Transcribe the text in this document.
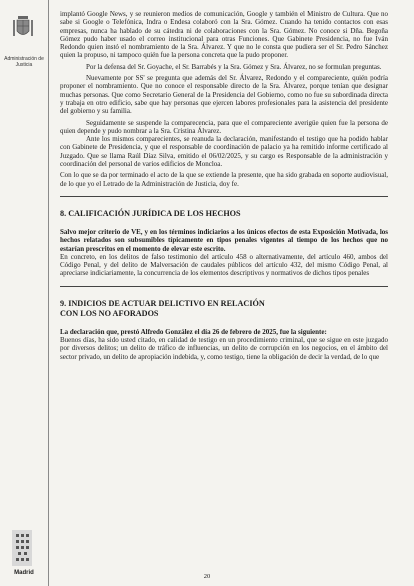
Administración de Justicia
Madrid

implantó Google News, y se reunieron medios de comunicación, Google y también el Ministro de Cultura. Que no sabe si Google o Telefónica, Indra o Endesa colaboró con la Sra. Gómez. Cuando ha tenido contactos con esas empresas, nunca ha hablado de su cátedra ni de colaboraciones con la Sra. Gómez. No conoce si Dña. Begoña Gómez pudo haber usado el correo institucional para otras Funciones. Que Gabinete Presidencia, no fue Iván Redondo quien instó el nombramiento de la Sra. Álvarez. Y que no le consta que pudiera ser el Sr. Pedro Sánchez quien la propuso, ni tampoco quién fue la persona concreta que la pudo proponer.

Por la defensa del Sr. Goyache, el Sr. Barrabés y la Sra. Gómez y Sra. Álvarez, no se formulan preguntas.

Nuevamente por SS' se pregunta que además del Sr. Álvarez, Redondo y el compareciente, quién podría proponer el nombramiento. Que no conoce el responsable directo de la Sra. Álvarez, porque tenían que designar muchas personas. Que como Secretario General de la Presidencia del Gobierno, como no fue su subordinada directa y trabaja en otro edificio, sabe que hay personas que ejercen labores profesionales para la asistencia del presidente del gobierno y su familia.

Seguidamente se suspende la comparecencia, para que el compareciente averigüe quien fue la persona de quien depende y pudo nombrar a la Sra. Cristina Álvarez.

Ante los mismos comparecientes, se reanuda la declaración, manifestando el testigo que ha podido hablar con Gabinete de Presidencia, y que el responsable de coordinación de palacio ya ha remitido informe certificado al Juzgado. Que se llama Raúl Díaz Silva, emitido el 06/02/2025, y su cargo es Responsable de la administración y coordinación del personal de varios edificios de Moncloa.

Con lo que se da por terminado el acto de la que se extiende la presente, que ha sido grabada en soporte audiovisual, de lo que yo el Letrado de la Administración de Justicia, doy fe.

8. CALIFICACIÓN JURÍDICA DE LOS HECHOS

Salvo mejor criterio de VE, y en los términos indiciarios a los únicos efectos de esta Exposición Motivada, los hechos relatados son subsumibles típicamente en tipos penales vigentes al tiempo de los hechos que no estarían prescritos en el momento de elevar este escrito.

En concreto, en los delitos de falso testimonio del artículo 458 o alternativamente, del artículo 460, ambos del Código Penal, y del delito de Malversación de caudales públicos del artículo 432, del mismo Código Penal, al apreciarse indiciariamente, la concurrencia de los elementos descriptivos y normativos de dichos tipos penales

9. INDICIOS DE ACTUAR DELICTIVO EN RELACIÓN
CON LOS NO AFORADOS

La declaración que, prestó Alfredo González el día 26 de febrero de 2025, fue la siguiente:

Buenos días, ha sido usted citado, en calidad de testigo en un procedimiento criminal, que se sigue en este juzgado por diversos delitos; un delito de tráfico de influencias, un delito de corrupción en los negocios, en el ámbito del sector privado, un delito de apropiación indebida, y, como testigo, tiene la obligación de decir la verdad, de lo que

20
